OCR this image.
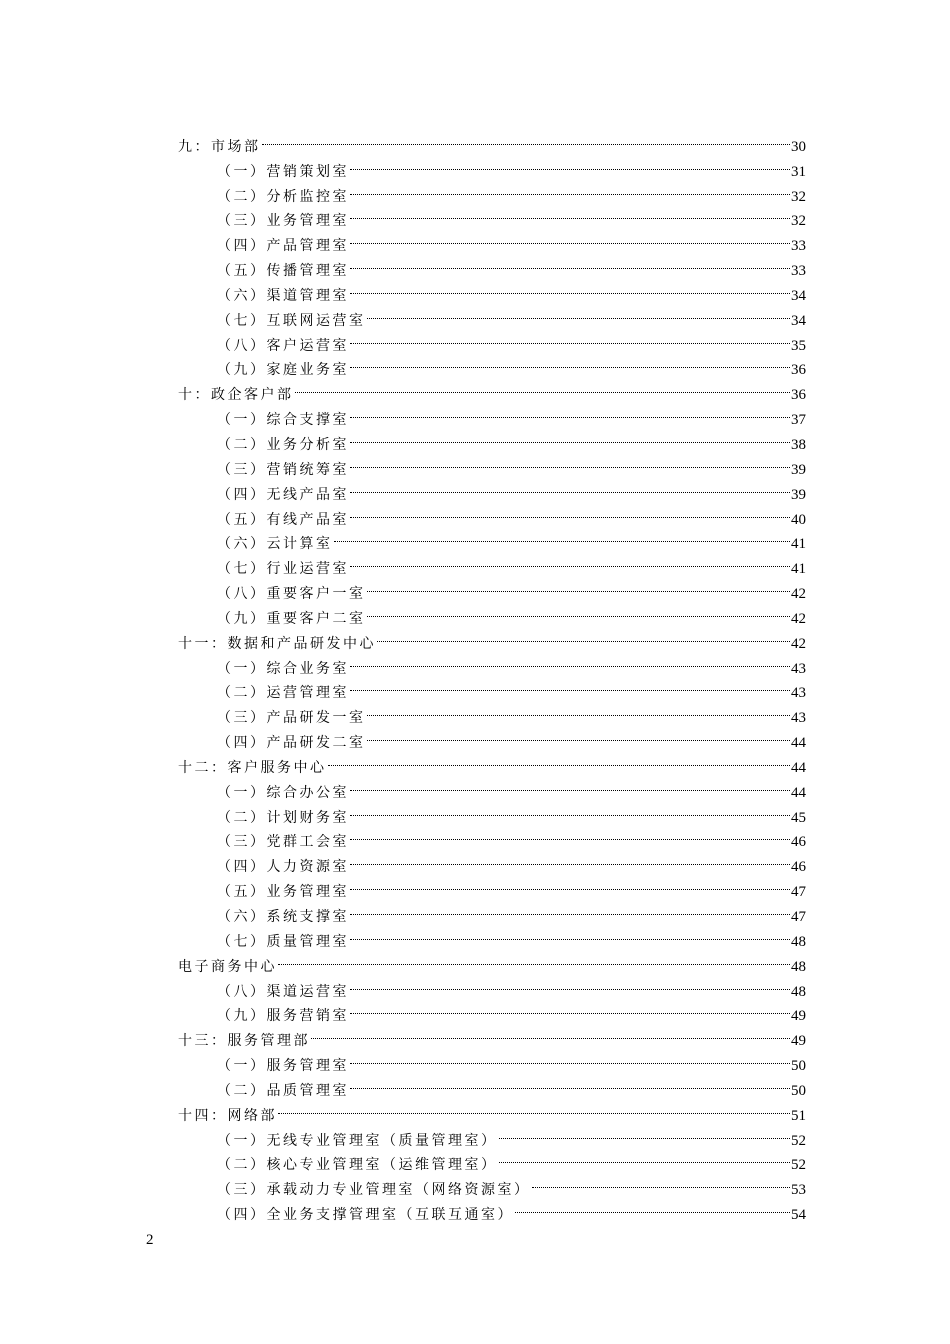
九：市场部	30
（一）营销策划室	31
（二）分析监控室	32
（三）业务管理室	32
（四）产品管理室	33
（五）传播管理室	33
（六）渠道管理室	34
（七）互联网运营室	34
（八）客户运营室	35
（九）家庭业务室	36
十：政企客户部	36
（一）综合支撑室	37
（二）业务分析室	38
（三）营销统筹室	39
（四）无线产品室	39
（五）有线产品室	40
（六）云计算室	41
（七）行业运营室	41
（八）重要客户一室	42
（九）重要客户二室	42
十一：数据和产品研发中心	42
（一）综合业务室	43
（二）运营管理室	43
（三）产品研发一室	43
（四）产品研发二室	44
十二：客户服务中心	44
（一）综合办公室	44
（二）计划财务室	45
（三）党群工会室	46
（四）人力资源室	46
（五）业务管理室	47
（六）系统支撑室	47
（七）质量管理室	48
电子商务中心	48
（八）渠道运营室	48
（九）服务营销室	49
十三：服务管理部	49
（一）服务管理室	50
（二）品质管理室	50
十四：网络部	51
（一）无线专业管理室（质量管理室）	52
（二）核心专业管理室（运维管理室）	52
（三）承载动力专业管理室（网络资源室）	53
（四）全业务支撑管理室（互联互通室）	54
2
